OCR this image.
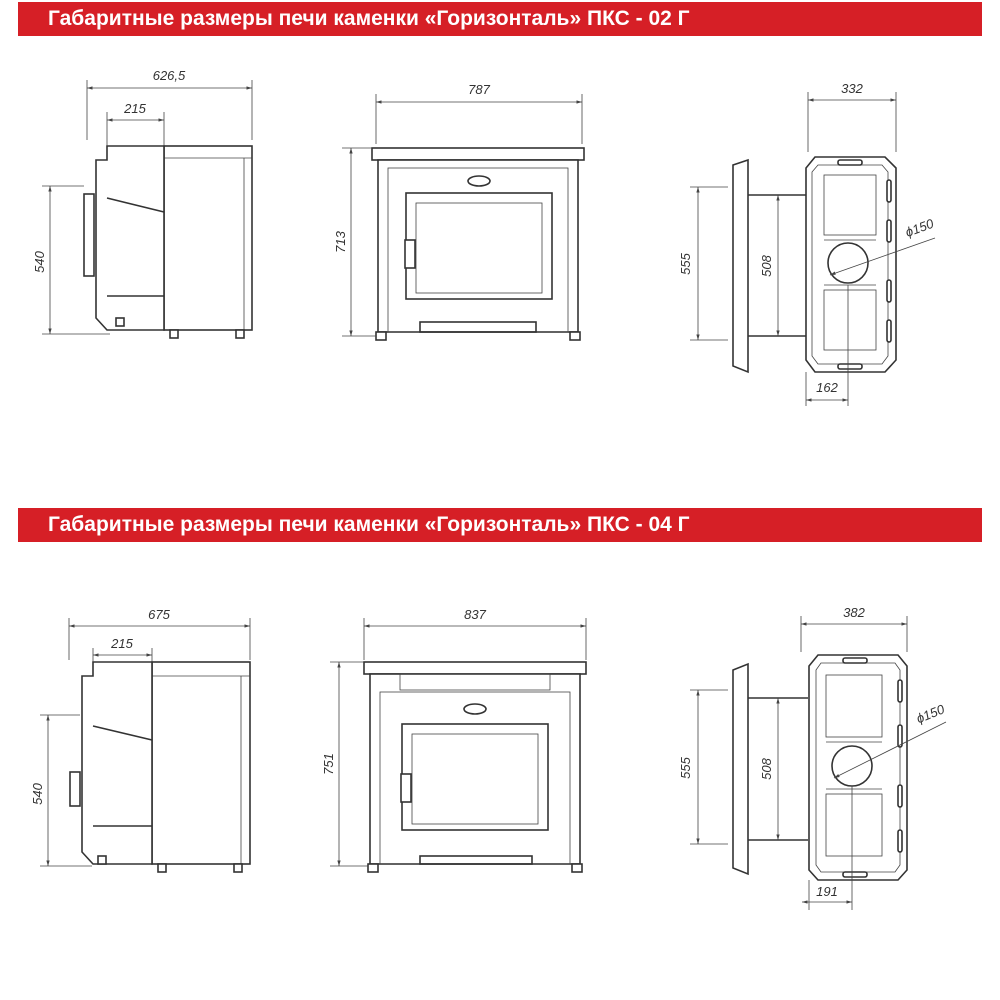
Габаритные размеры печи каменки «Горизонталь» ПКС - 02 Г
Габаритные размеры печи каменки «Горизонталь» ПКС - 04 Г
626,5
215
540
787
713
332
555	508
ϕ150
162
675
215
540
837
751
382
555	508
ϕ150
191
